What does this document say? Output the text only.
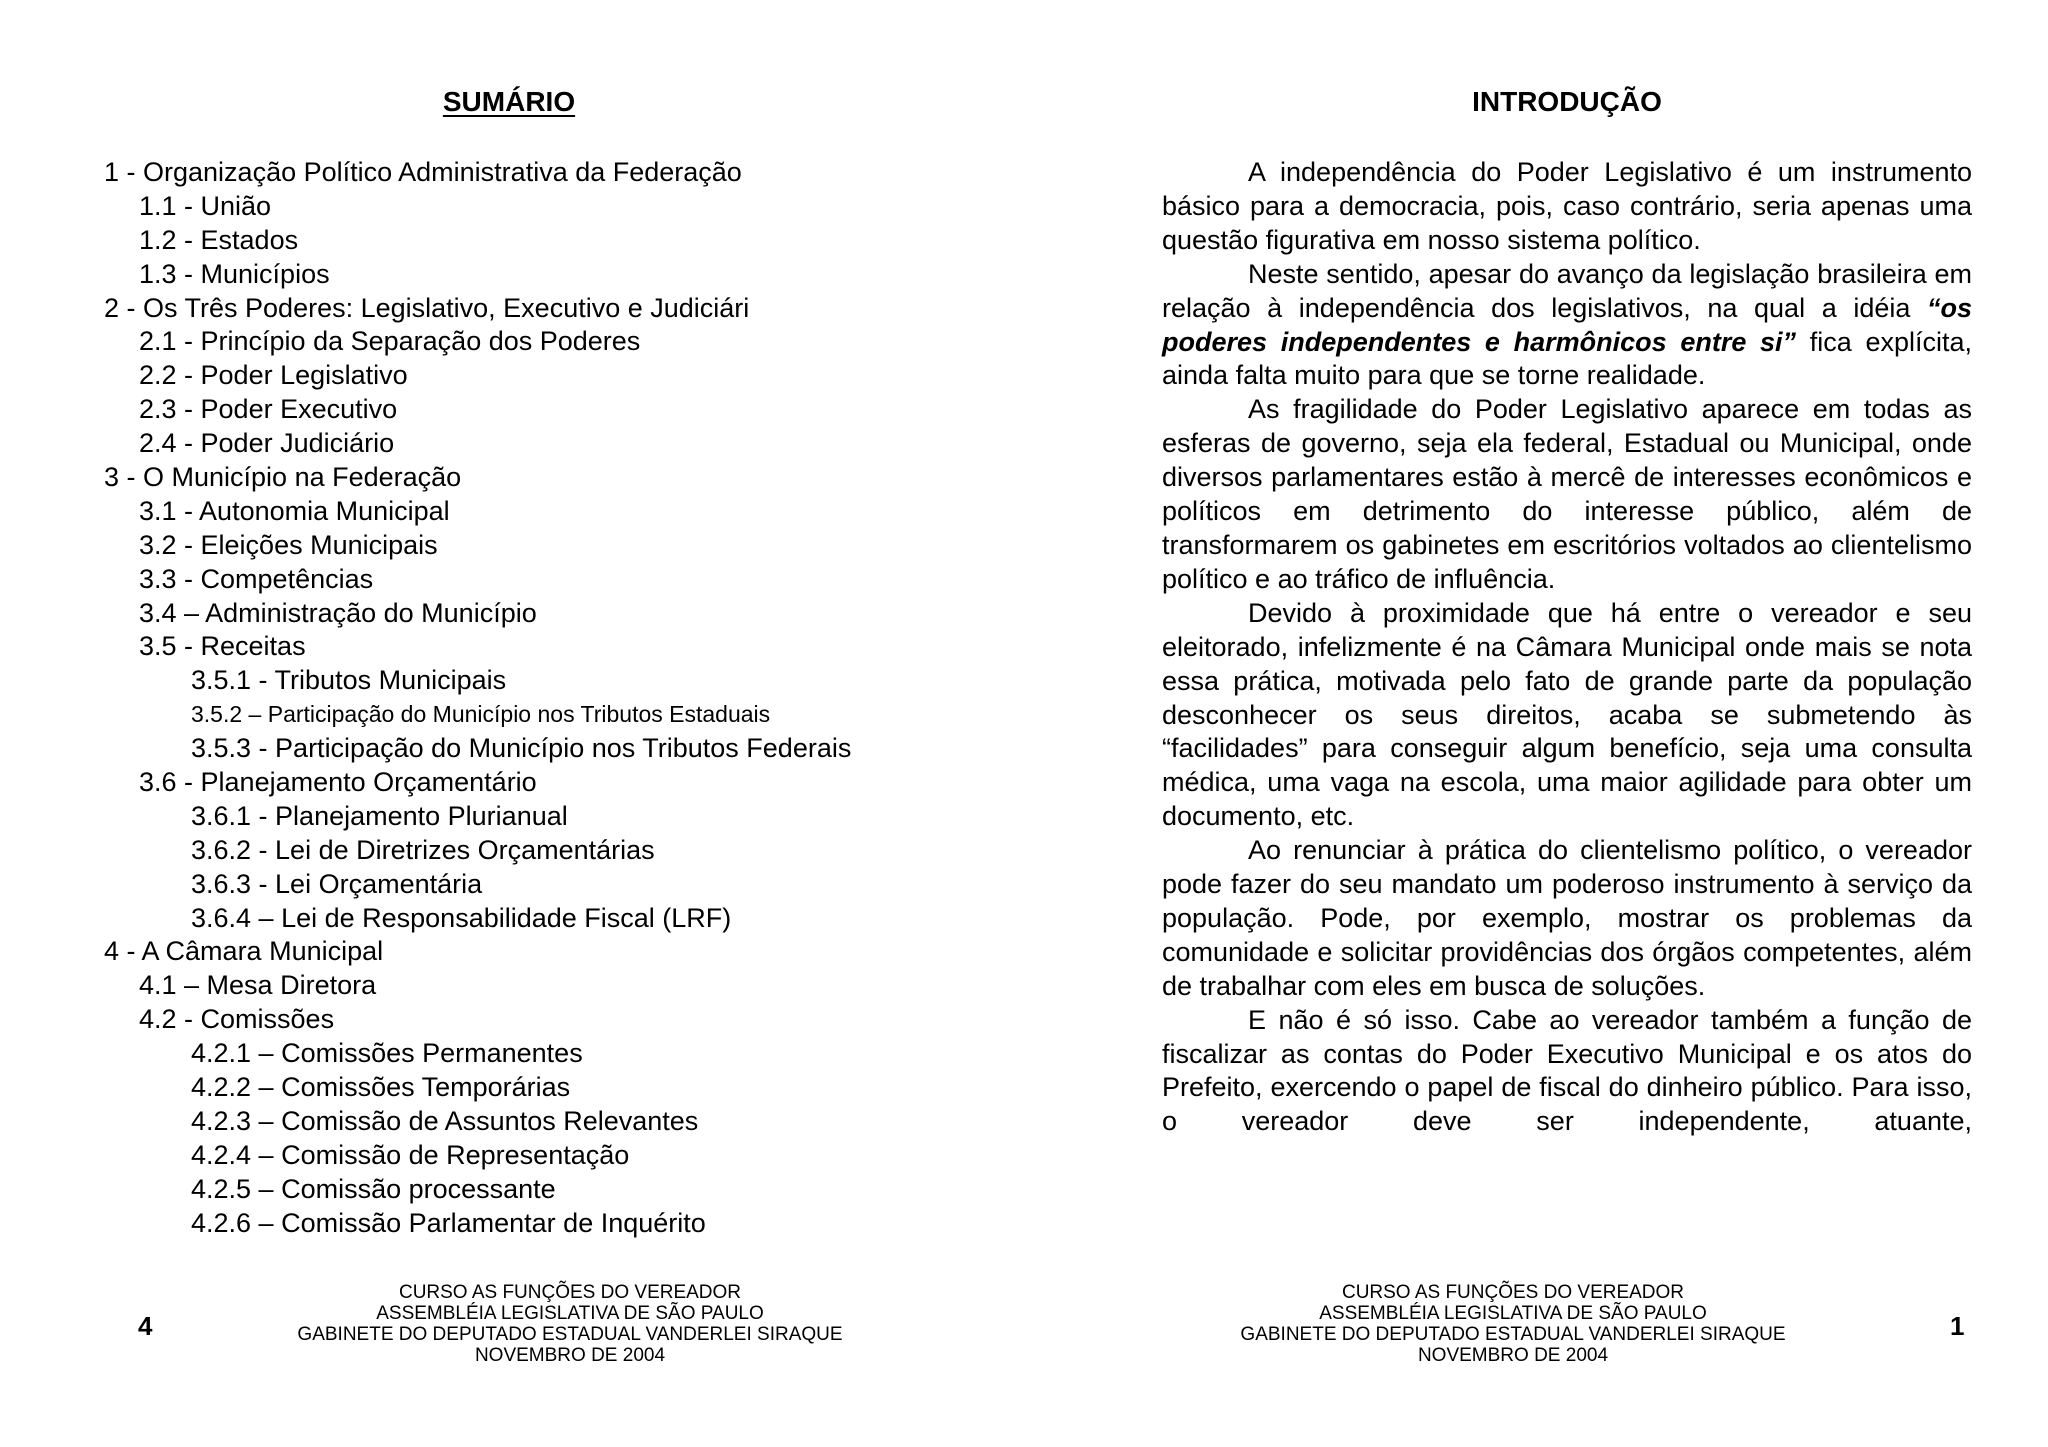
SUMÁRIO
1 - Organização Político Administrativa da Federação
1.1 - União
1.2 - Estados
1.3 - Municípios
2 - Os Três Poderes: Legislativo, Executivo e Judiciári
2.1 - Princípio da Separação dos Poderes
2.2 - Poder Legislativo
2.3 - Poder Executivo
2.4 - Poder Judiciário
3 - O Município na Federação
3.1 - Autonomia Municipal
3.2 - Eleições Municipais
3.3 - Competências
3.4 – Administração do Município
3.5 - Receitas
3.5.1 - Tributos Municipais
3.5.2 – Participação do Município nos Tributos Estaduais
3.5.3 - Participação do Município nos Tributos Federais
3.6 - Planejamento Orçamentário
3.6.1 - Planejamento Plurianual
3.6.2 - Lei de Diretrizes Orçamentárias
3.6.3 - Lei Orçamentária
3.6.4 – Lei de Responsabilidade Fiscal (LRF)
4 - A Câmara Municipal
4.1 – Mesa Diretora
4.2 - Comissões
4.2.1 – Comissões Permanentes
4.2.2 – Comissões Temporárias
4.2.3 – Comissão de Assuntos Relevantes
4.2.4 – Comissão de Representação
4.2.5 – Comissão processante
4.2.6 – Comissão Parlamentar de Inquérito
4
CURSO AS FUNÇÕES DO VEREADOR
ASSEMBLÉIA LEGISLATIVA DE SÃO PAULO
GABINETE DO DEPUTADO ESTADUAL VANDERLEI SIRAQUE
NOVEMBRO DE 2004
INTRODUÇÃO

A independência do Poder Legislativo é um instrumento básico para a democracia, pois, caso contrário, seria apenas uma questão figurativa em nosso sistema político.

Neste sentido, apesar do avanço da legislação brasileira em relação à independência dos legislativos, na qual a idéia “os poderes independentes e harmônicos entre si” fica explícita, ainda falta muito para que se torne realidade.

As fragilidade do Poder Legislativo aparece em todas as esferas de governo, seja ela federal, Estadual ou Municipal, onde diversos parlamentares estão à mercê de interesses econômicos e políticos em detrimento do interesse público, além de transformarem os gabinetes em escritórios voltados ao clientelismo político e ao tráfico de influência.

Devido à proximidade que há entre o vereador e seu eleitorado, infelizmente é na Câmara Municipal onde mais se nota essa prática, motivada pelo fato de grande parte da população desconhecer os seus direitos, acaba se submetendo às “facilidades” para conseguir algum benefício, seja uma consulta médica, uma vaga na escola, uma maior agilidade para obter um documento, etc.

Ao renunciar à prática do clientelismo político, o vereador pode fazer do seu mandato um poderoso instrumento à serviço da população. Pode, por exemplo, mostrar os problemas da comunidade e solicitar providências dos órgãos competentes, além de trabalhar com eles em busca de soluções.

E não é só isso. Cabe ao vereador também a função de fiscalizar as contas do Poder Executivo Municipal e os atos do Prefeito, exercendo o papel de fiscal do dinheiro público. Para isso, o vereador deve ser independente, atuante,

CURSO AS FUNÇÕES DO VEREADOR
ASSEMBLÉIA LEGISLATIVA DE SÃO PAULO
GABINETE DO DEPUTADO ESTADUAL VANDERLEI SIRAQUE
NOVEMBRO DE 2004
1
